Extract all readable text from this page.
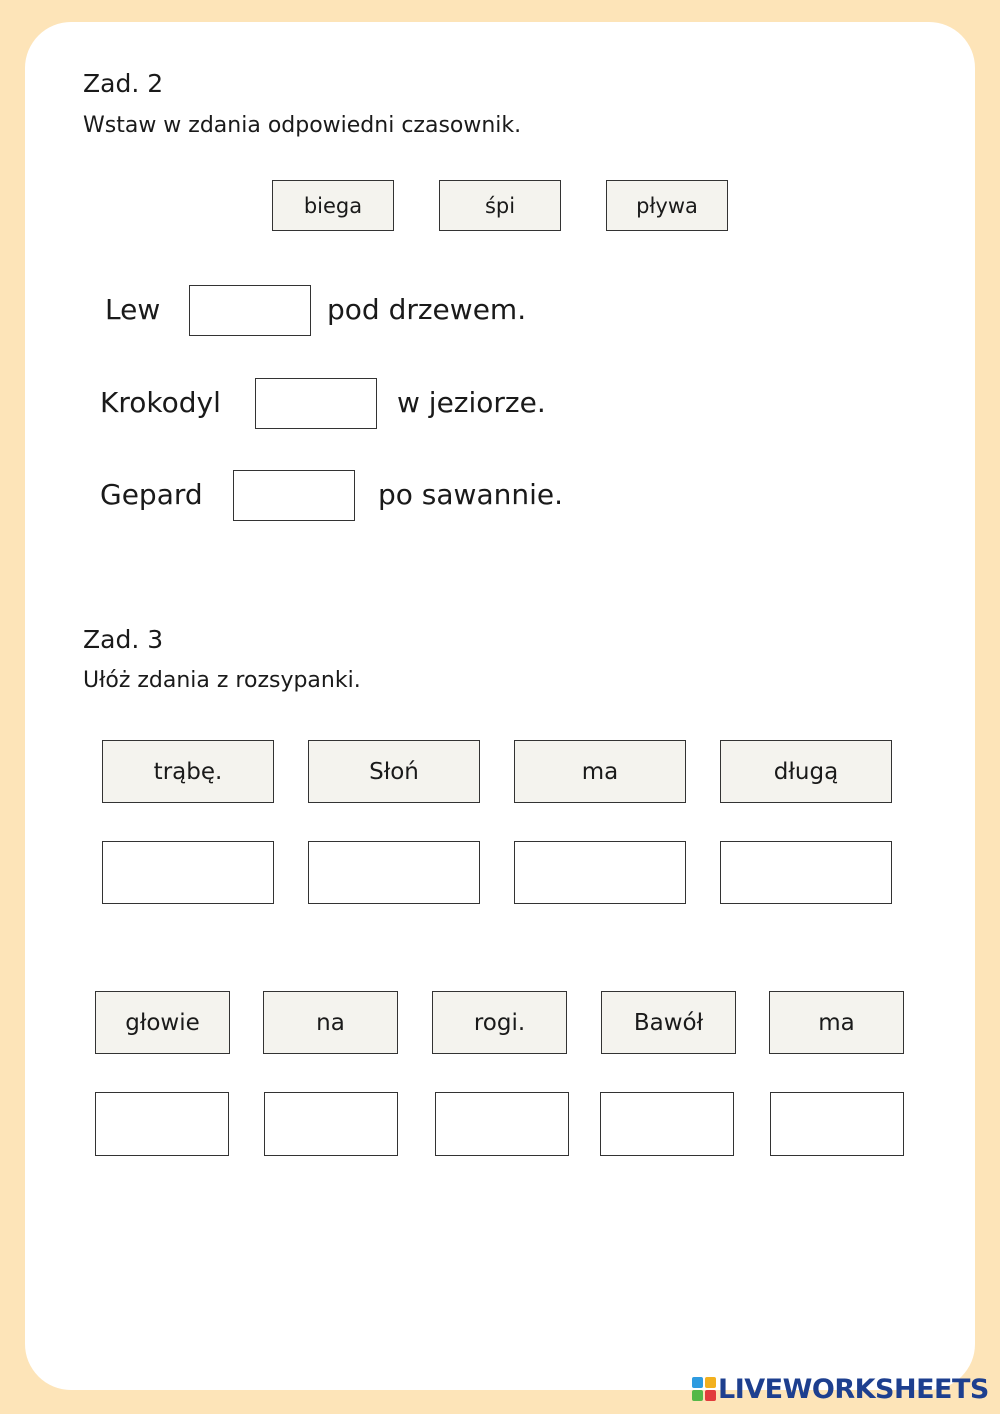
Zad. 2
Wstaw w zdania odpowiedni czasownik.
biega	śpi	pływa
Lew	pod drzewem.
Krokodyl	w jeziorze.
Gepard	po sawannie.
Zad. 3
Ułóż zdania z rozsypanki.
trąbę.	Słoń	ma	długą
głowie	na	rogi.	Bawół	ma
LIVEWORKSHEETS
